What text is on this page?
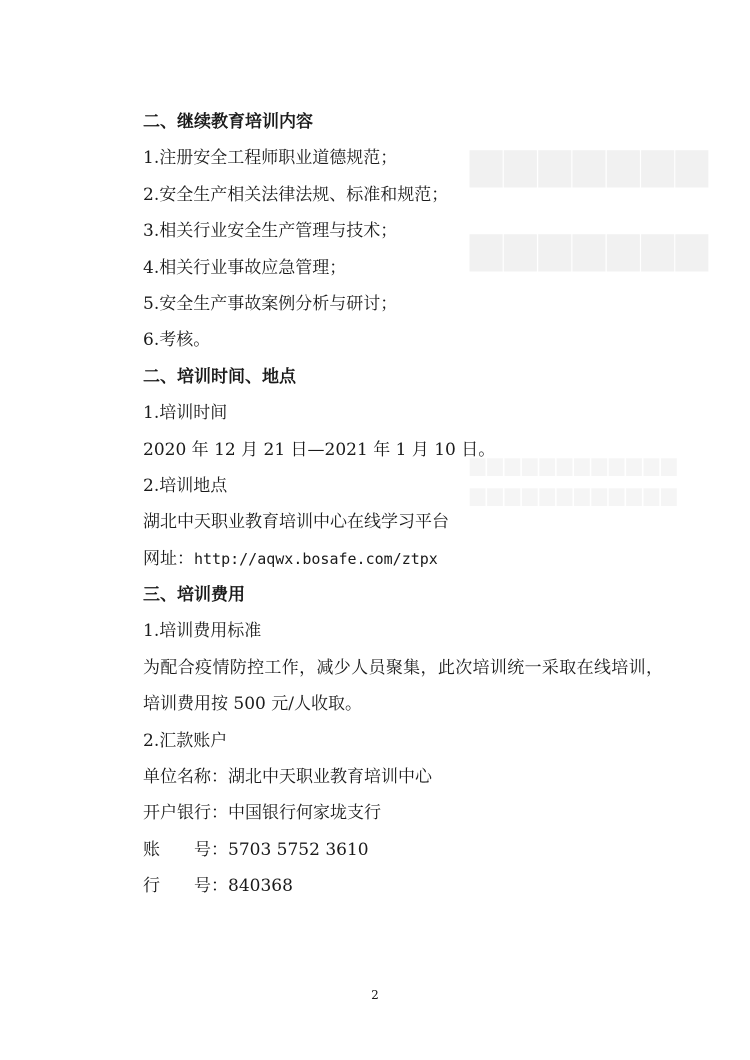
▆▆▆▆▆▆▆
▆▆▆▆▆▆▆
▆▆▆▆▆▆▆▆▆▆▆▆
▆▆▆▆▆▆▆▆▆▆▆▆
二、继续教育培训内容
1.注册安全工程师职业道德规范；
2.安全生产相关法律法规、标准和规范；
3.相关行业安全生产管理与技术；
4.相关行业事故应急管理；
5.安全生产事故案例分析与研讨；
6.考核。
二、培训时间、地点
1.培训时间
2020 年 12 月 21 日—2021 年 1 月 10 日。
2.培训地点
湖北中天职业教育培训中心在线学习平台
网址：http://aqwx.bosafe.com/ztpx
三、培训费用
1.培训费用标准
为配合疫情防控工作，减少人员聚集，此次培训统一采取在线培训，培训费用按 500 元/人收取。
2.汇款账户
单位名称：湖北中天职业教育培训中心
开户银行：中国银行何家垅支行
账 号：5703 5752 3610
行 号：840368
2
